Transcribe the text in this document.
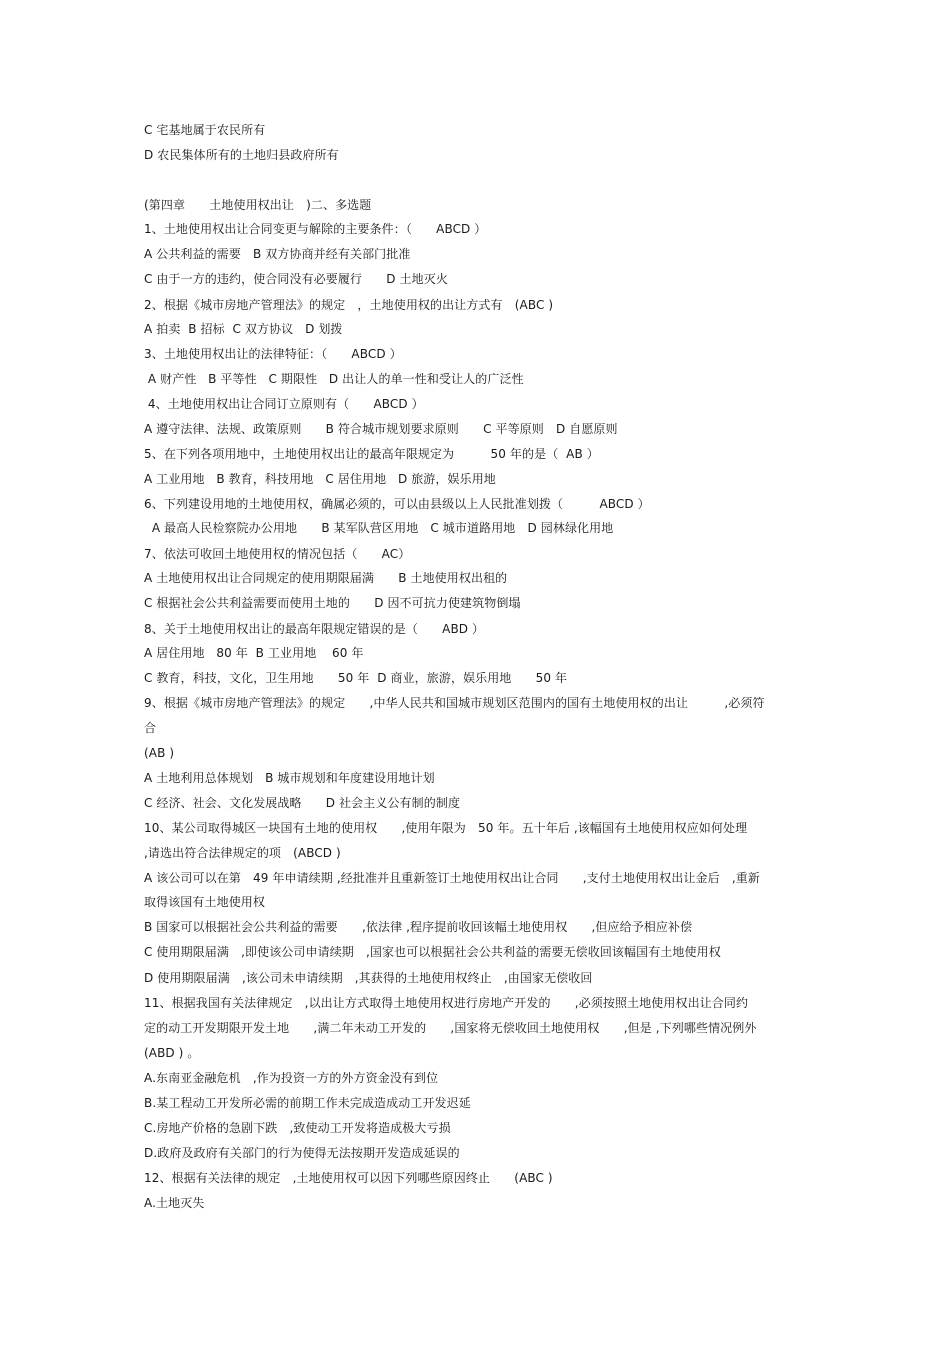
C 宅基地属于农民所有
D 农民集体所有的土地归县政府所有
(第四章　　土地使用权出让　)二、多选题
1、土地使用权出让合同变更与解除的主要条件：（　　ABCD ）
A 公共利益的需要　B 双方协商并经有关部门批准
C 由于一方的违约，使合同没有必要履行　　D 土地灭火
2、根据《城市房地产管理法》的规定　，土地使用权的出让方式有　(ABC )
A 拍卖  B 招标  C 双方协议   D 划拨
3、土地使用权出让的法律特征：（　　ABCD ）
A 财产性   B 平等性   C 期限性   D 出让人的单一性和受让人的广泛性
4、土地使用权出让合同订立原则有（　　ABCD ）
A 遵守法律、法规、政策原则　　B 符合城市规划要求原则　　C 平等原则　D 自愿原则
5、在下列各项用地中，土地使用权出让的最高年限规定为　　　50 年的是（  AB ）
A 工业用地   B 教育，科技用地　C 居住用地   D 旅游，娱乐用地
6、下列建设用地的土地使用权，确属必须的，可以由县级以上人民批准划拨（　　　ABCD ）
A 最高人民检察院办公用地　　B 某军队营区用地　C 城市道路用地　D 园林绿化用地
7、依法可收回土地使用权的情况包括（　　AC）
A 土地使用权出让合同规定的使用期限届满　　B 土地使用权出租的
C 根据社会公共利益需要而使用土地的　　D 因不可抗力使建筑物倒塌
8、关于土地使用权出让的最高年限规定错误的是（　　ABD ）
A 居住用地   80 年  B 工业用地    60 年
C 教育，科技，文化，卫生用地　　50 年  D 商业，旅游，娱乐用地　　50 年
9、根据《城市房地产管理法》的规定　　,中华人民共和国城市规划区范围内的国有土地使用权的出让　　　,必须符
合
(AB )
A 土地利用总体规划　B 城市规划和年度建设用地计划
C 经济、社会、文化发展战略　　D 社会主义公有制的制度
10、某公司取得城区一块国有土地的使用权　　,使用年限为　50 年。五十年后 ,该幅国有土地使用权应如何处理
,请选出符合法律规定的项　(ABCD )
A 该公司可以在第　49 年申请续期 ,经批准并且重新签订土地使用权出让合同　　,支付土地使用权出让金后　,重新
取得该国有土地使用权
B 国家可以根据社会公共利益的需要　　,依法律 ,程序提前收回该幅土地使用权　　,但应给予相应补偿
C 使用期限届满　,即使该公司申请续期　,国家也可以根据社会公共利益的需要无偿收回该幅国有土地使用权
D 使用期限届满　,该公司未申请续期　,其获得的土地使用权终止　,由国家无偿收回
11、根据我国有关法律规定　,以出让方式取得土地使用权进行房地产开发的　　,必须按照土地使用权出让合同约
定的动工开发期限开发土地　　,满二年未动工开发的　　,国家将无偿收回土地使用权　　,但是 ,下列哪些情况例外
(ABD ) 。
A.东南亚金融危机　,作为投资一方的外方资金没有到位
B.某工程动工开发所必需的前期工作未完成造成动工开发迟延
C.房地产价格的急剧下跌　,致使动工开发将造成极大亏损
D.政府及政府有关部门的行为使得无法按期开发造成延误的
12、根据有关法律的规定　,土地使用权可以因下列哪些原因终止　　(ABC )
A.土地灭失
